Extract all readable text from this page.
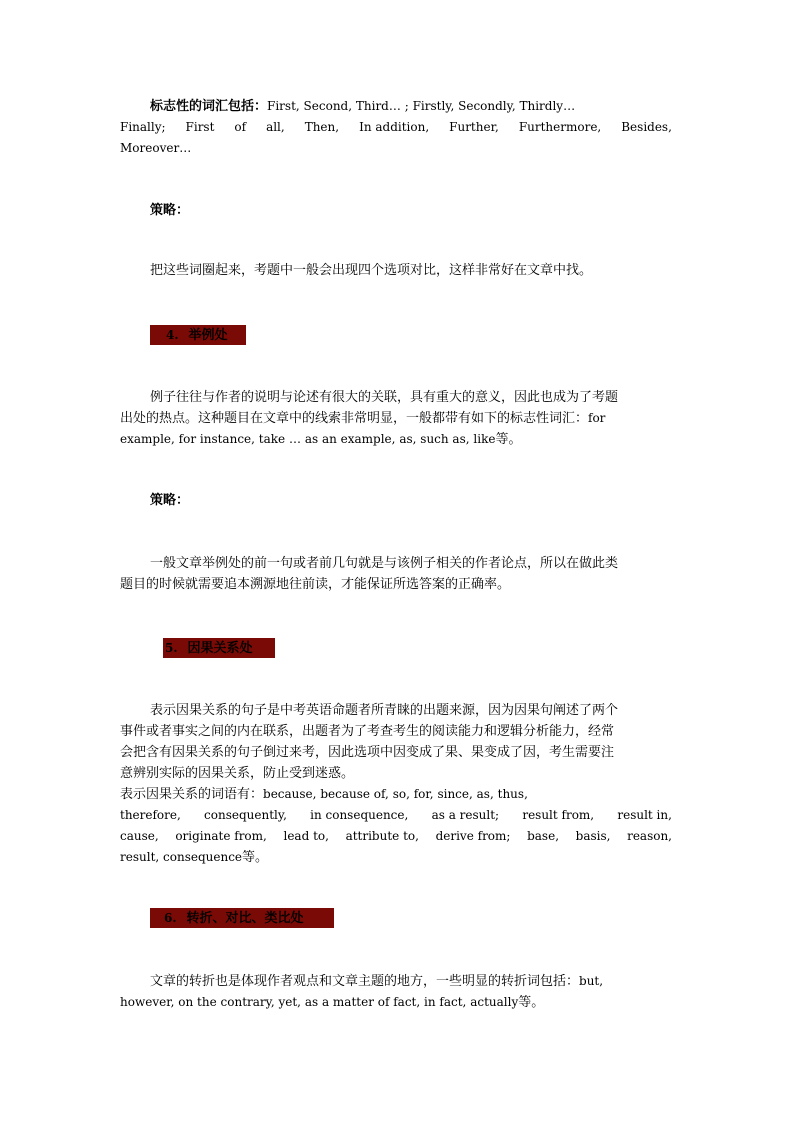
标志性的词汇包括：First, Second, Third… ; Firstly, Secondly, Thirdly…
Finally; First of all, Then, In addition, Further, Furthermore, Besides,
Moreover…
策略：
把这些词圈起来，考题中一般会出现四个选项对比，这样非常好在文章中找。
4. 举例处
例子往往与作者的说明与论述有很大的关联，具有重大的意义，因此也成为了考题
出处的热点。这种题目在文章中的线索非常明显，一般都带有如下的标志性词汇：for
example, for instance, take … as an example, as, such as, like等。
策略：
一般文章举例处的前一句或者前几句就是与该例子相关的作者论点，所以在做此类
题目的时候就需要追本溯源地往前读，才能保证所选答案的正确率。
5. 因果关系处
表示因果关系的句子是中考英语命题者所青睐的出题来源，因为因果句阐述了两个
事件或者事实之间的内在联系，出题者为了考查考生的阅读能力和逻辑分析能力，经常
会把含有因果关系的句子倒过来考，因此选项中因变成了果、果变成了因，考生需要注
意辨别实际的因果关系，防止受到迷惑。
表示因果关系的词语有：because, because of, so, for, since, as, thus,
therefore, consequently, in consequence, as a result; result from, result in,
cause, originate from, lead to, attribute to, derive from; base, basis, reason,
result, consequence等。
6. 转折、对比、类比处
文章的转折也是体现作者观点和文章主题的地方，一些明显的转折词包括：but,
however, on the contrary, yet, as a matter of fact, in fact, actually等。
